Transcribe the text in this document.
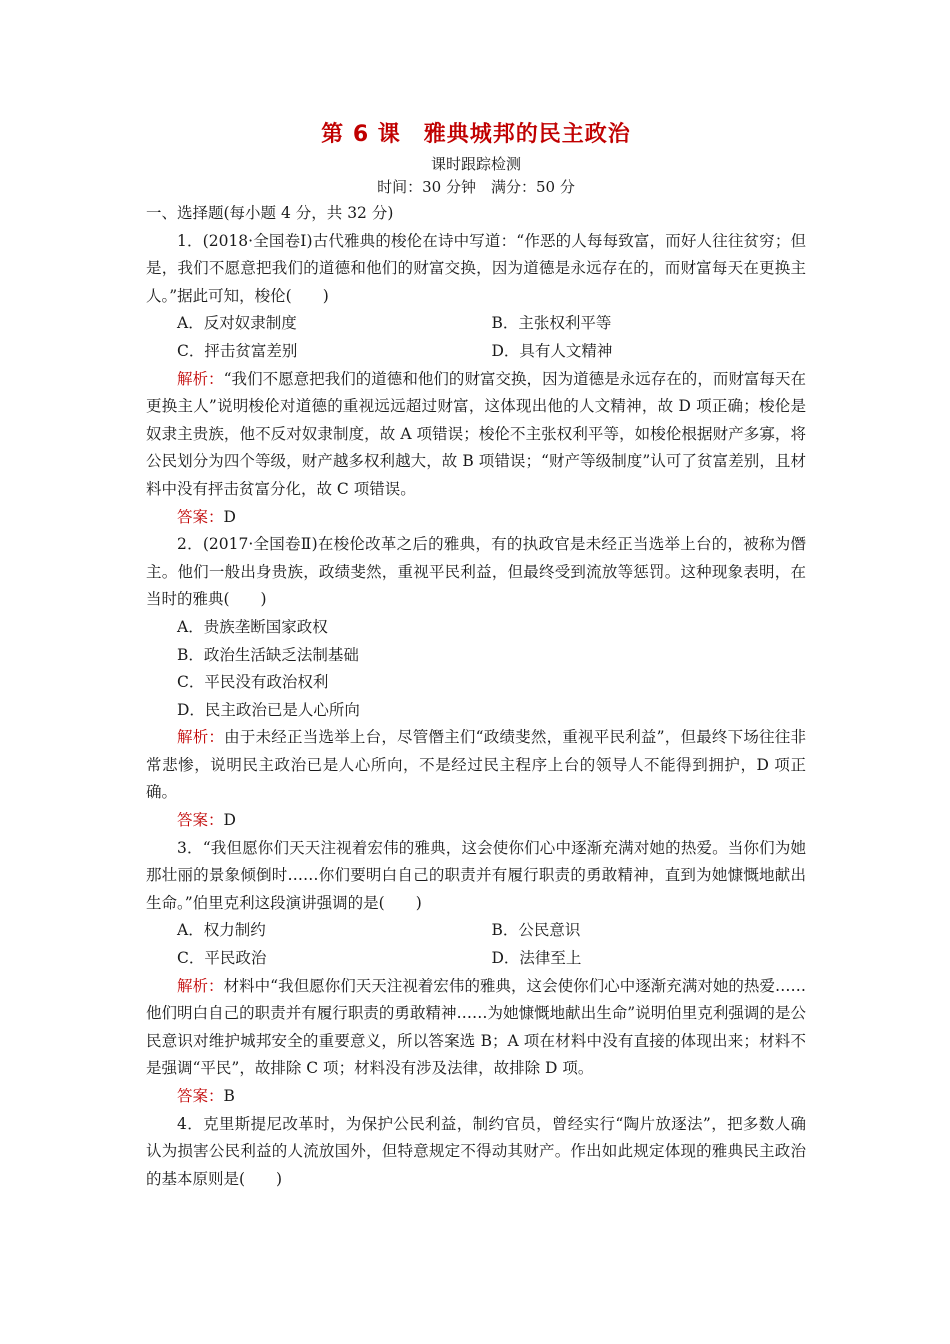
第 6 课　雅典城邦的民主政治
课时跟踪检测
时间：30 分钟　满分：50 分

一、选择题(每小题 4 分，共 32 分)

1．(2018·全国卷Ⅰ)古代雅典的梭伦在诗中写道：“作恶的人每每致富，而好人往往贫穷；但是，我们不愿意把我们的道德和他们的财富交换，因为道德是永远存在的，而财富每天在更换主人。”据此可知，梭伦(　　)

A．反对奴隶制度	B．主张权利平等

C．抨击贫富差别	D．具有人文精神

解析：“我们不愿意把我们的道德和他们的财富交换，因为道德是永远存在的，而财富每天在更换主人”说明梭伦对道德的重视远远超过财富，这体现出他的人文精神，故 D 项正确；梭伦是奴隶主贵族，他不反对奴隶制度，故 A 项错误；梭伦不主张权利平等，如梭伦根据财产多寡，将公民划分为四个等级，财产越多权利越大，故 B 项错误；“财产等级制度”认可了贫富差别，且材料中没有抨击贫富分化，故 C 项错误。

答案：D

2．(2017·全国卷Ⅱ)在梭伦改革之后的雅典，有的执政官是未经正当选举上台的，被称为僭主。他们一般出身贵族，政绩斐然，重视平民利益，但最终受到流放等惩罚。这种现象表明，在当时的雅典(　　)

A．贵族垄断国家政权

B．政治生活缺乏法制基础

C．平民没有政治权利

D．民主政治已是人心所向

解析：由于未经正当选举上台，尽管僭主们“政绩斐然，重视平民利益”，但最终下场往往非常悲惨，说明民主政治已是人心所向，不是经过民主程序上台的领导人不能得到拥护，D 项正确。

答案：D

3．“我但愿你们天天注视着宏伟的雅典，这会使你们心中逐渐充满对她的热爱。当你们为她那壮丽的景象倾倒时……你们要明白自己的职责并有履行职责的勇敢精神，直到为她慷慨地献出生命。”伯里克利这段演讲强调的是(　　)

A．权力制约	B．公民意识

C．平民政治	D．法律至上

解析：材料中“我但愿你们天天注视着宏伟的雅典，这会使你们心中逐渐充满对她的热爱……他们明白自己的职责并有履行职责的勇敢精神……为她慷慨地献出生命”说明伯里克利强调的是公民意识对维护城邦安全的重要意义，所以答案选 B；A 项在材料中没有直接的体现出来；材料不是强调“平民”，故排除 C 项；材料没有涉及法律，故排除 D 项。

答案：B

4．克里斯提尼改革时，为保护公民利益，制约官员，曾经实行“陶片放逐法”，把多数人确认为损害公民利益的人流放国外，但特意规定不得动其财产。作出如此规定体现的雅典民主政治的基本原则是(　　)
